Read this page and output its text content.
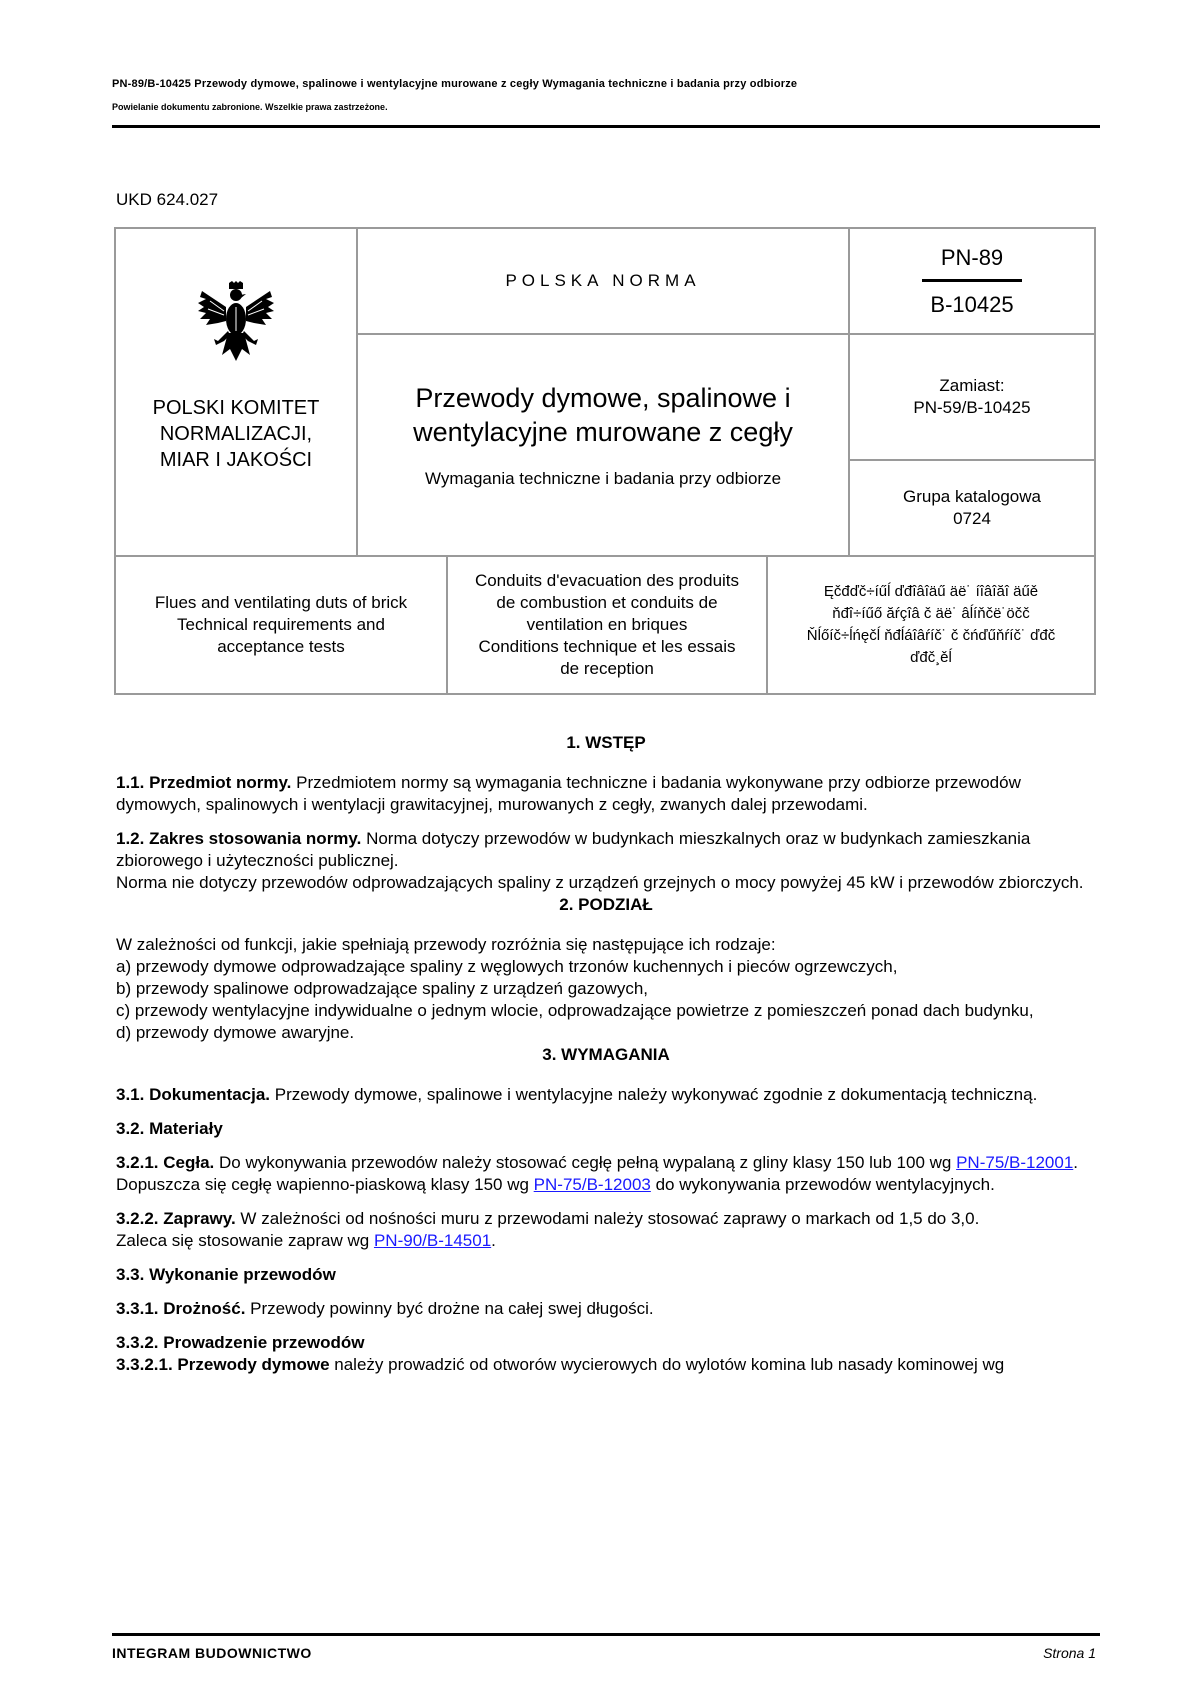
PN-89/B-10425 Przewody dymowe, spalinowe i wentylacyjne murowane z cegły Wymagania techniczne i badania przy odbiorze
Powielanie dokumentu zabronione. Wszelkie prawa zastrzeżone.
UKD 624.027
POLSKI KOMITET
NORMALIZACJI,
MIAR I JAKOŚCI
POLSKA NORMA
PN-89
B-10425
Przewody dymowe, spalinowe i
wentylacyjne murowane z cegły
Wymagania techniczne i badania przy odbiorze
Zamiast:
PN-59/B-10425
Grupa katalogowa
0724
Flues and ventilating duts of brick
Technical requirements and
acceptance tests
Conduits d'evacuation des produits
de combustion et conduits de
ventilation en briques
Conditions technique et les essais
de reception
Ęčđďč÷íűĺ ďđîâîäű äë˙ íîâîăî äűě
ňđî÷íűő ăŕçîâ č äë˙ âĺíňčë˙öčč
Ňĺőíč÷ĺńęčĺ ňđĺáîâŕíč˙ č čńďűňŕíč˙ ďđč
ďđč¸ěĺ

1. WSTĘP

1.1. Przedmiot normy. Przedmiotem normy są wymagania techniczne i badania wykonywane przy odbiorze przewodów dymowych, spalinowych i wentylacji grawitacyjnej, murowanych z cegły, zwanych dalej przewodami.

1.2. Zakres stosowania normy. Norma dotyczy przewodów w budynkach mieszkalnych oraz w budynkach zamieszkania zbiorowego i użyteczności publicznej.

Norma nie dotyczy przewodów odprowadzających spaliny z urządzeń grzejnych o mocy powyżej 45 kW i przewodów zbiorczych.

2. PODZIAŁ

W zależności od funkcji, jakie spełniają przewody rozróżnia się następujące ich rodzaje:

a) przewody dymowe odprowadzające spaliny z węglowych trzonów kuchennych i pieców ogrzewczych,

b) przewody spalinowe odprowadzające spaliny z urządzeń gazowych,

c) przewody wentylacyjne indywidualne o jednym wlocie, odprowadzające powietrze z pomieszczeń ponad dach budynku,

d) przewody dymowe awaryjne.

3. WYMAGANIA

3.1. Dokumentacja. Przewody dymowe, spalinowe i wentylacyjne należy wykonywać zgodnie z dokumentacją techniczną.

3.2. Materiały

3.2.1. Cegła. Do wykonywania przewodów należy stosować cegłę pełną wypalaną z gliny klasy 150 lub 100 wg PN-75/B-12001.

Dopuszcza się cegłę wapienno-piaskową klasy 150 wg PN-75/B-12003 do wykonywania przewodów wentylacyjnych.

3.2.2. Zaprawy. W zależności od nośności muru z przewodami należy stosować zaprawy o markach od 1,5 do 3,0.

Zaleca się stosowanie zapraw wg PN-90/B-14501.

3.3. Wykonanie przewodów

3.3.1. Drożność. Przewody powinny być drożne na całej swej długości.

3.3.2. Prowadzenie przewodów

3.3.2.1. Przewody dymowe należy prowadzić od otworów wycierowych do wylotów komina lub nasady kominowej wg

INTEGRAM BUDOWNICTWO	Strona 1
